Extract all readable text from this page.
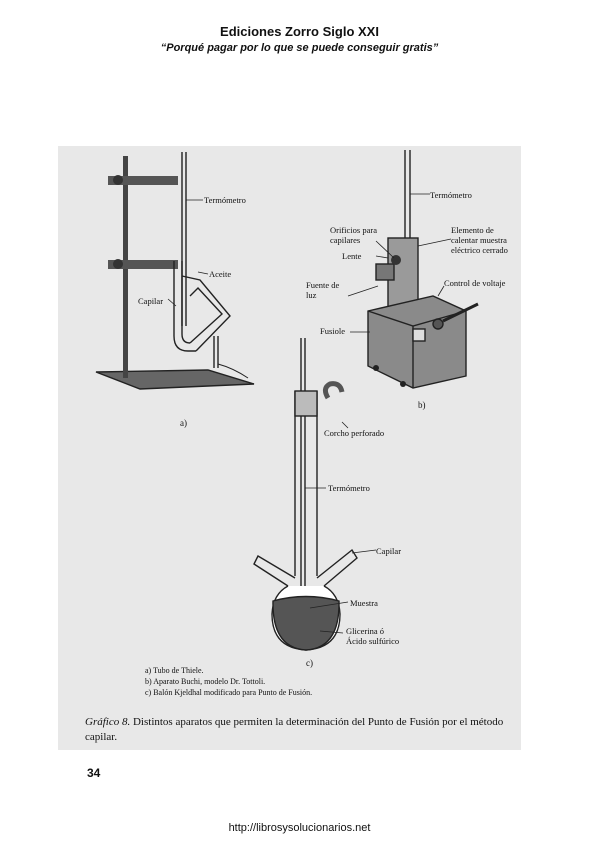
Ediciones Zorro Siglo XXI
“Porqué pagar por lo que se puede conseguir gratis”
Termómetro
Aceite
Capilar
a)
Termómetro
Orificios para
capilares
Elemento de
calentar muestra
eléctrico cerrado
Lente
Fuente de
luz
Control de voltaje
Fusiole
b)
Corcho perforado
Termómetro
Capilar
Muestra
Glicerina ó
Ácido sulfúrico
c)
a) Tubo de Thiele.
b) Aparato Buchi, modelo Dr. Tottoli.
c) Balón Kjeldhal modificado para Punto de Fusión.
Gráfico 8. Distintos aparatos que permiten la determinación del Punto de Fusión por el método capilar.
34
http://librosysolucionarios.net
